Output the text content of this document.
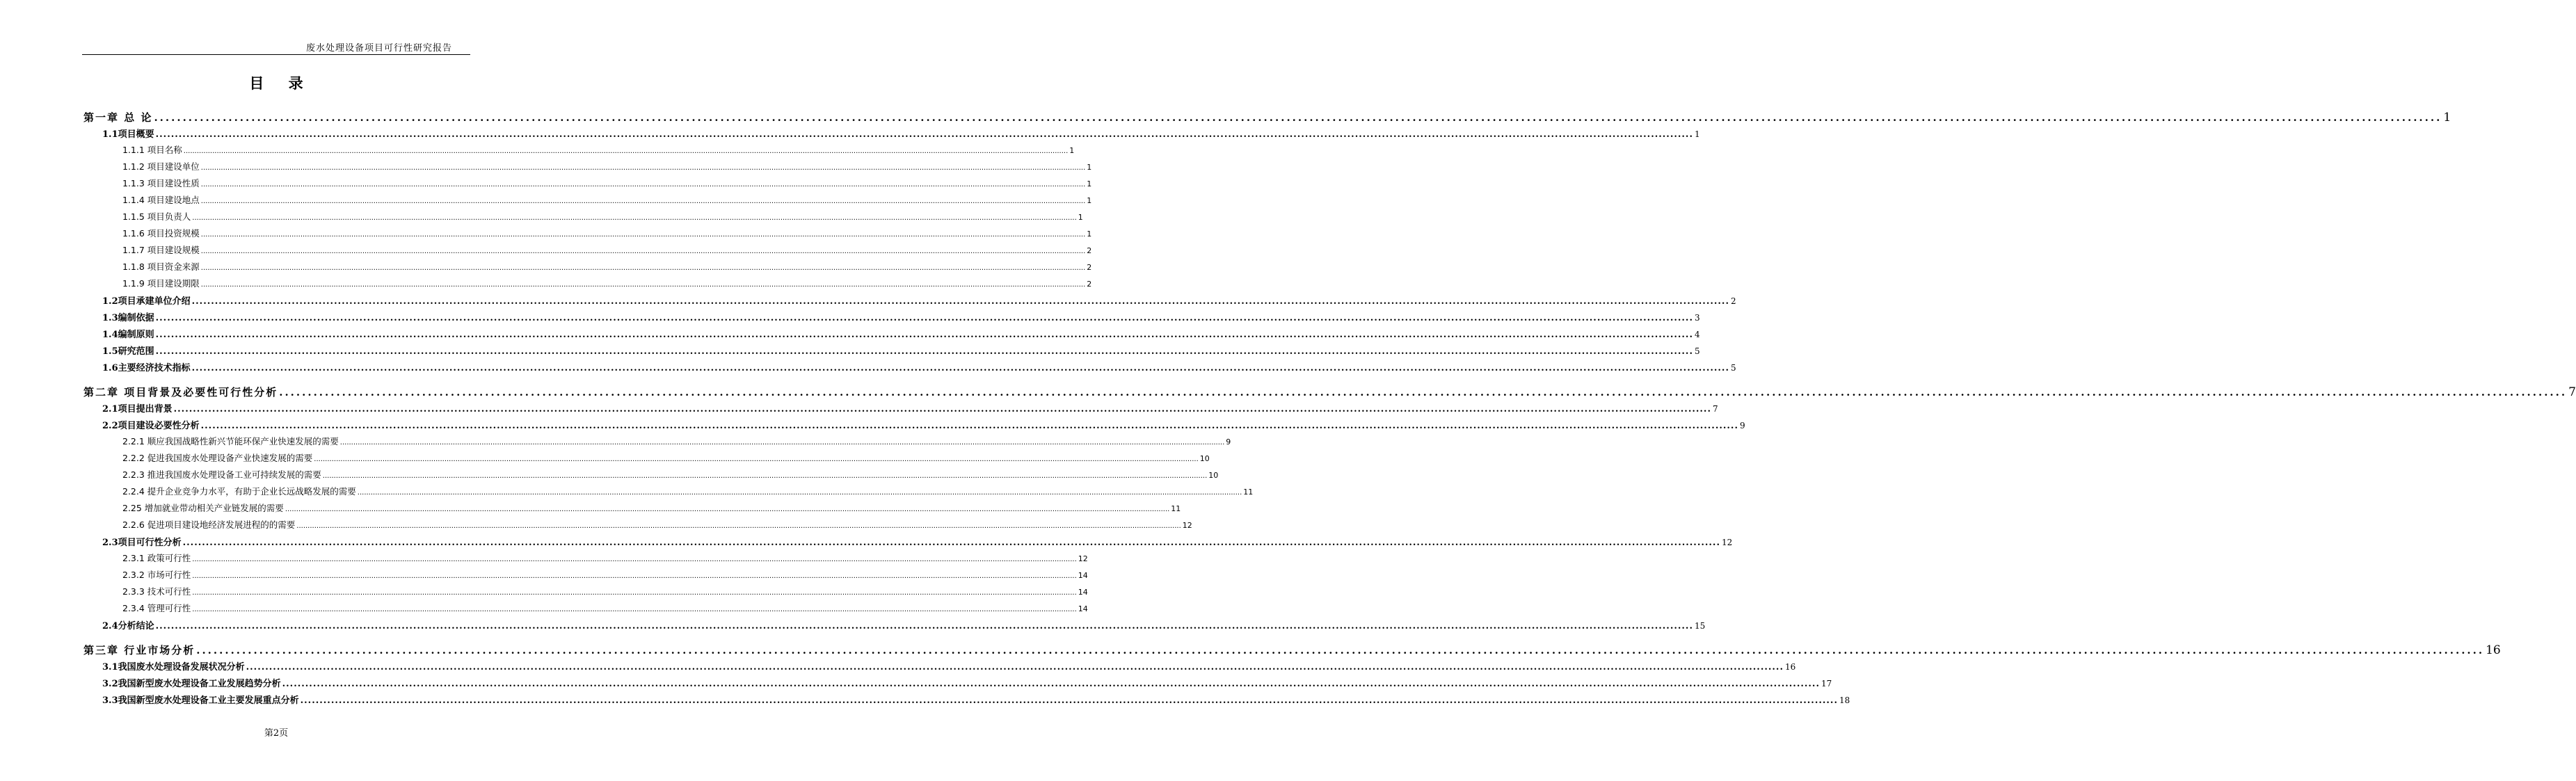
废水处理设备项目可行性研究报告
目 录
第一章 总 论 ................................................................................................................................................................................................................................................................................................................................................................................................................ 1
1.1项目概要 ................................................................................................................................................................................................................................................................................................................................................................................................................ 1
1.1.1 项目名称 ................................................................................................................................................................................................................................................................................................................................................................................................................ 1
1.1.2 项目建设单位 ................................................................................................................................................................................................................................................................................................................................................................................................................ 1
1.1.3 项目建设性质 ................................................................................................................................................................................................................................................................................................................................................................................................................ 1
1.1.4 项目建设地点 ................................................................................................................................................................................................................................................................................................................................................................................................................ 1
1.1.5 项目负责人 ................................................................................................................................................................................................................................................................................................................................................................................................................ 1
1.1.6 项目投资规模 ................................................................................................................................................................................................................................................................................................................................................................................................................ 1
1.1.7 项目建设规模 ................................................................................................................................................................................................................................................................................................................................................................................................................ 2
1.1.8 项目资金来源 ................................................................................................................................................................................................................................................................................................................................................................................................................ 2
1.1.9 项目建设期限 ................................................................................................................................................................................................................................................................................................................................................................................................................ 2
1.2项目承建单位介绍 ................................................................................................................................................................................................................................................................................................................................................................................................................ 2
1.3编制依据 ................................................................................................................................................................................................................................................................................................................................................................................................................ 3
1.4编制原则 ................................................................................................................................................................................................................................................................................................................................................................................................................ 4
1.5研究范围 ................................................................................................................................................................................................................................................................................................................................................................................................................ 5
1.6主要经济技术指标 ................................................................................................................................................................................................................................................................................................................................................................................................................ 5
第二章 项目背景及必要性可行性分析 ................................................................................................................................................................................................................................................................................................................................................................................................................ 7
2.1项目提出背景 ................................................................................................................................................................................................................................................................................................................................................................................................................ 7
2.2项目建设必要性分析 ................................................................................................................................................................................................................................................................................................................................................................................................................ 9
2.2.1 顺应我国战略性新兴节能环保产业快速发展的需要 ................................................................................................................................................................................................................................................................................................................................................................................................................ 9
2.2.2 促进我国废水处理设备产业快速发展的需要 ................................................................................................................................................................................................................................................................................................................................................................................................................ 10
2.2.3 推进我国废水处理设备工业可持续发展的需要 ................................................................................................................................................................................................................................................................................................................................................................................................................ 10
2.2.4 提升企业竞争力水平，有助于企业长远战略发展的需要 ................................................................................................................................................................................................................................................................................................................................................................................................................ 11
2.25 增加就业带动相关产业链发展的需要 ................................................................................................................................................................................................................................................................................................................................................................................................................ 11
2.2.6 促进项目建设地经济发展进程的的需要 ................................................................................................................................................................................................................................................................................................................................................................................................................ 12
2.3项目可行性分析 ................................................................................................................................................................................................................................................................................................................................................................................................................ 12
2.3.1 政策可行性 ................................................................................................................................................................................................................................................................................................................................................................................................................ 12
2.3.2 市场可行性 ................................................................................................................................................................................................................................................................................................................................................................................................................ 14
2.3.3 技术可行性 ................................................................................................................................................................................................................................................................................................................................................................................................................ 14
2.3.4 管理可行性 ................................................................................................................................................................................................................................................................................................................................................................................................................ 14
2.4分析结论 ................................................................................................................................................................................................................................................................................................................................................................................................................ 15
第三章 行业市场分析 ................................................................................................................................................................................................................................................................................................................................................................................................................ 16
3.1我国废水处理设备发展状况分析 ................................................................................................................................................................................................................................................................................................................................................................................................................ 16
3.2我国新型废水处理设备工业发展趋势分析 ................................................................................................................................................................................................................................................................................................................................................................................................................ 17
3.3我国新型废水处理设备工业主要发展重点分析 ................................................................................................................................................................................................................................................................................................................................................................................................................ 18
第2页
